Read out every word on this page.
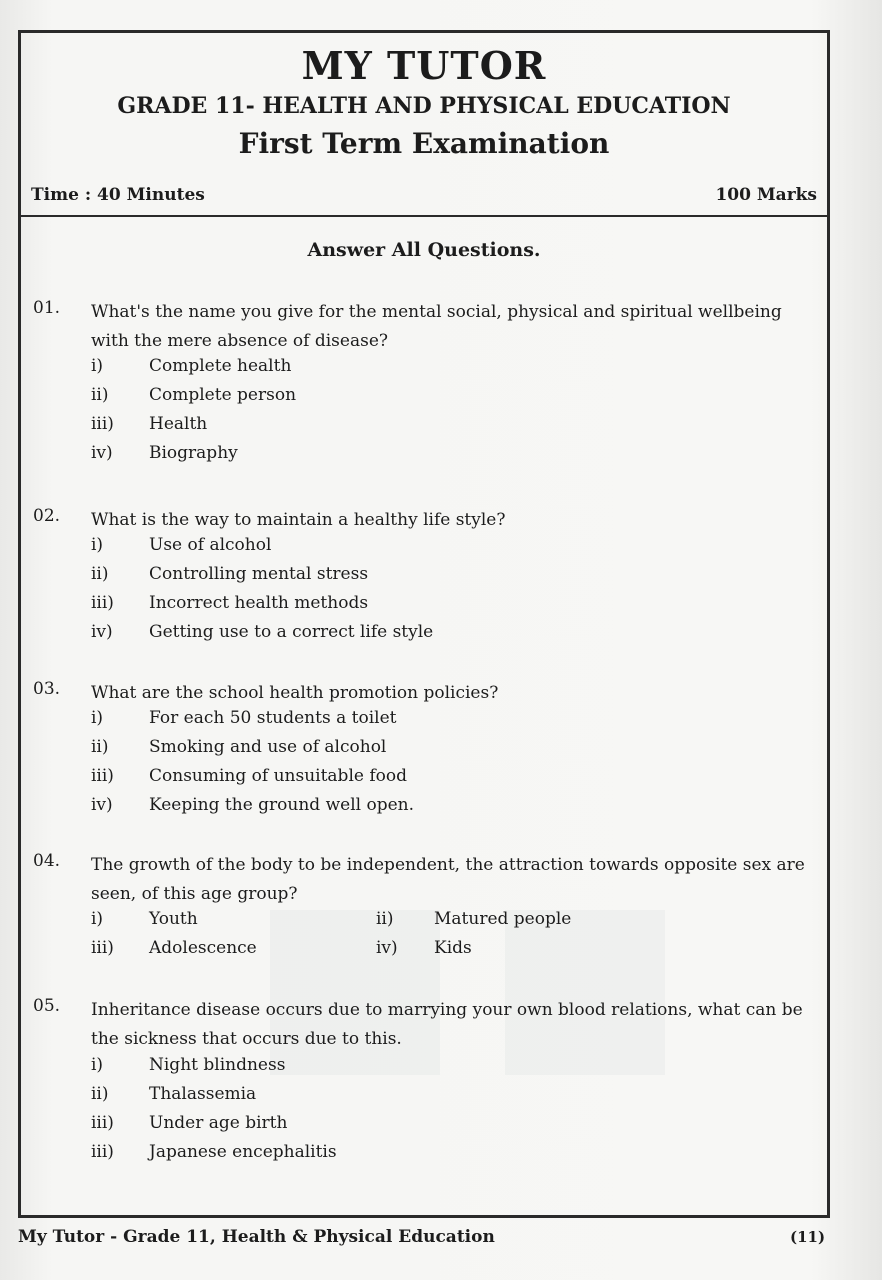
MY TUTOR
GRADE 11- HEALTH AND PHYSICAL EDUCATION
First Term Examination
Time : 40 Minutes	100 Marks
Answer All Questions.
01. What's the name you give for the mental social, physical and spiritual wellbeing with the mere absence of disease?
i)	Complete health
ii) Complete person
iii) Health
iv) Biography
02. What is the way to maintain a healthy life style?
i)	Use of alcohol
ii) Controlling mental stress
iii) Incorrect health methods
iv) Getting use to a correct life style
03. What are the school health promotion policies?
i)	For each 50 students a toilet
ii) Smoking and use of alcohol
iii) Consuming of unsuitable food
iv) Keeping the ground well open.
04. The growth of the body to be independent, the attraction towards opposite sex are seen, of this age group?
i)	Youth	ii) Matured people
iii) Adolescence	iv) Kids
05. Inheritance disease occurs due to marrying your own blood relations, what can be the sickness that occurs due to this.
i)	Night blindness
ii) Thalassemia
iii) Under age birth
iii) Japanese encephalitis
My Tutor - Grade 11, Health & Physical Education	(11)
